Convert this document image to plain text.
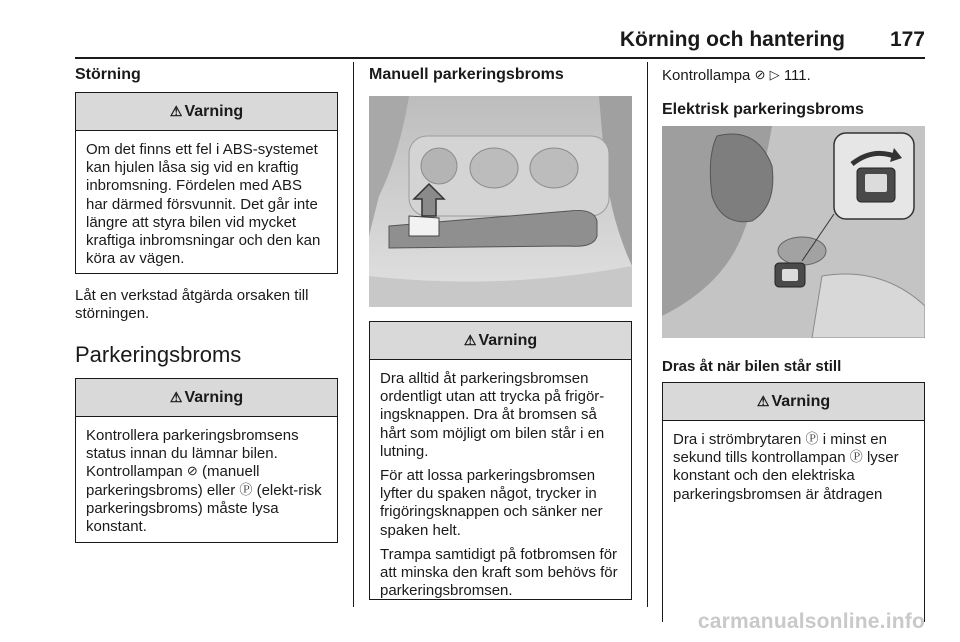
Körning och hantering 177
Störning
⚠ Varning
Om det finns ett fel i ABS-systemet kan hjulen låsa sig vid en kraftig inbromsning. Fördelen med ABS har därmed försvunnit. Det går inte längre att styra bilen vid mycket kraftiga inbromsningar och den kan köra av vägen.
Låt en verkstad åtgärda orsaken till störningen.
Parkeringsbroms
⚠ Varning
Kontrollera parkeringsbromsens status innan du lämnar bilen. Kontrollampan ⊘ (manuell parkeringsbroms) eller Ⓟ (elekt-risk parkeringsbroms) måste lysa konstant.
Manuell parkeringsbroms
⚠ Varning

Dra alltid åt parkeringsbromsen ordentligt utan att trycka på frigör-ingsknappen. Dra åt bromsen så hårt som möjligt om bilen står i en lutning.

För att lossa parkeringsbromsen lyfter du spaken något, trycker in frigöringsknappen och sänker ner spaken helt.

Trampa samtidigt på fotbromsen för att minska den kraft som behövs för parkeringsbromsen.

Kontrollampa ⊘ ▷ 111.
Elektrisk parkeringsbroms
Dras åt när bilen står still
⚠ Varning
Dra i strömbrytaren Ⓟ i minst en sekund tills kontrollampan Ⓟ lyser konstant och den elektriska parkeringsbromsen är åtdragen
carmanualsonline.info
